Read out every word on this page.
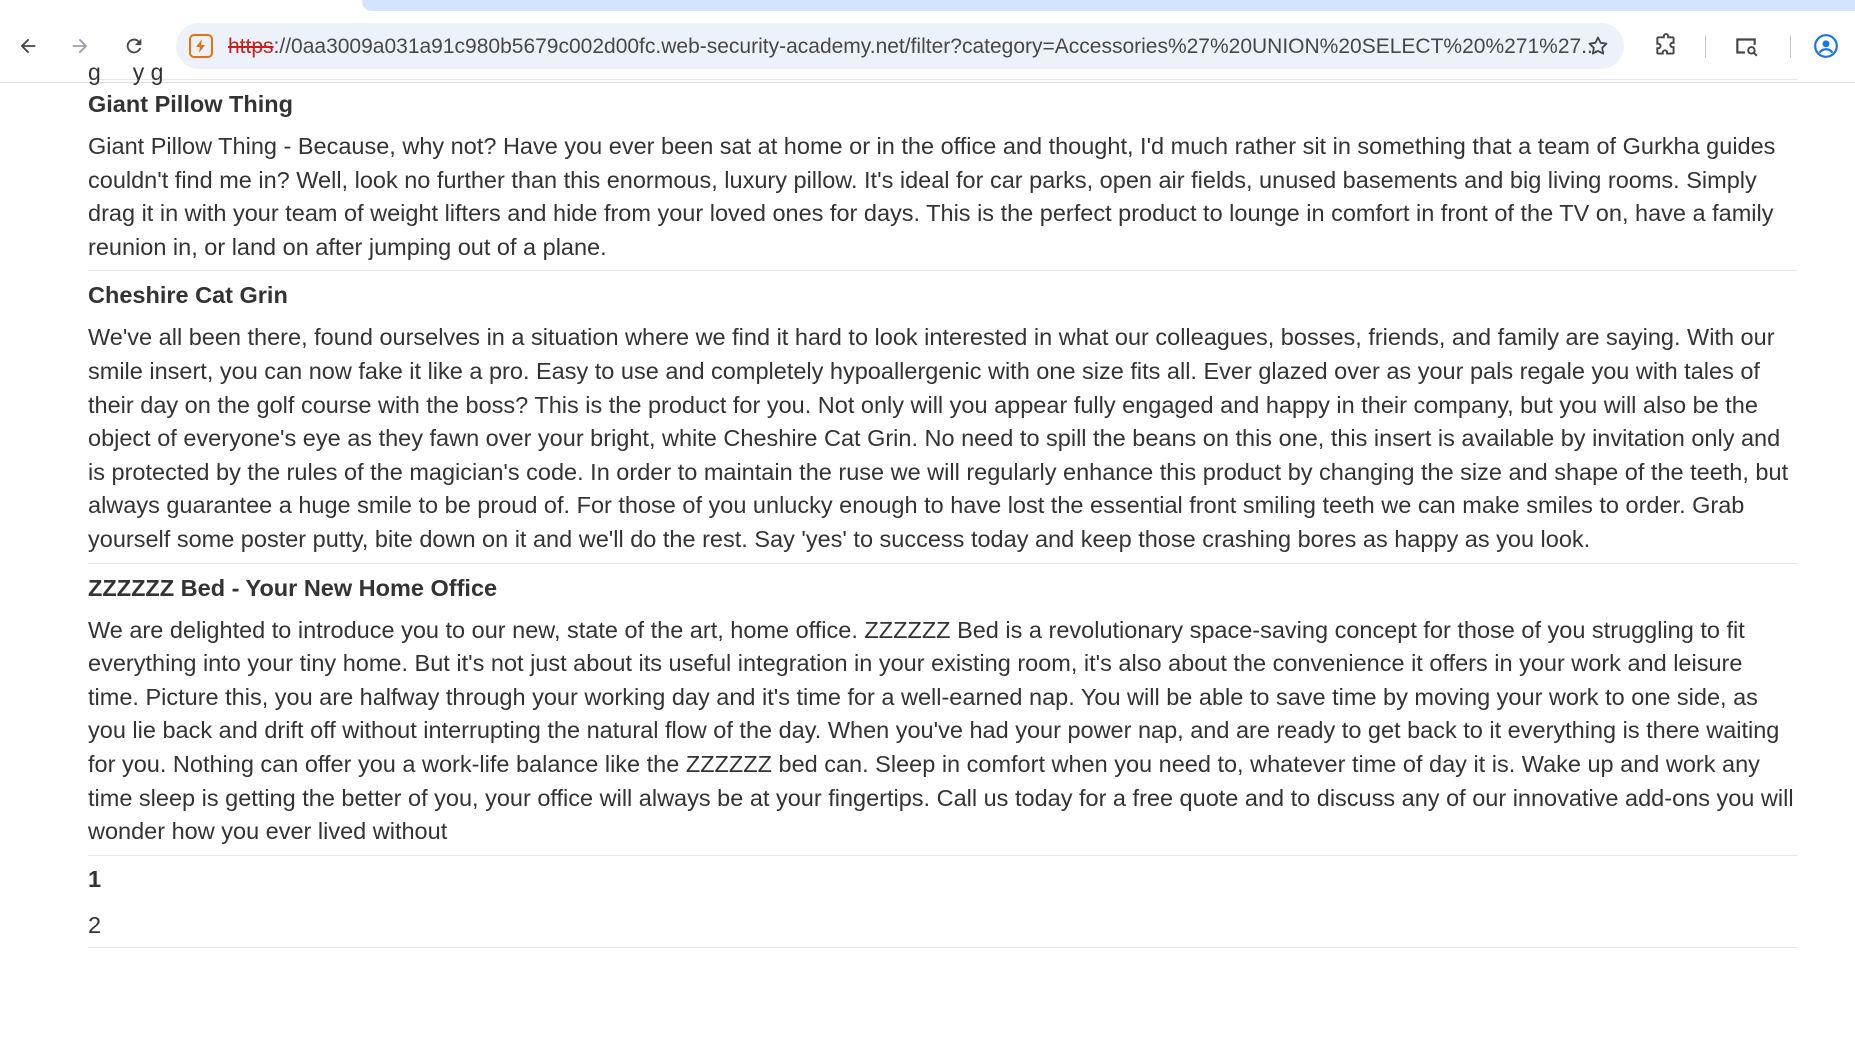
https://0aa3009a031a91c980b5679c002d00fc.web-security-academy.net/filter?category=Accessories%27%20UNION%20SELECT%20%271%27...
g     y g
Giant Pillow Thing

Giant Pillow Thing - Because, why not? Have you ever been sat at home or in the office and thought, I'd much rather sit in something that a team of Gurkha guides couldn't find me in? Well, look no further than this enormous, luxury pillow. It's ideal for car parks, open air fields, unused basements and big living rooms. Simply drag it in with your team of weight lifters and hide from your loved ones for days. This is the perfect product to lounge in comfort in front of the TV on, have a family reunion in, or land on after jumping out of a plane.

Cheshire Cat Grin

We've all been there, found ourselves in a situation where we find it hard to look interested in what our colleagues, bosses, friends, and family are saying. With our smile insert, you can now fake it like a pro. Easy to use and completely hypoallergenic with one size fits all. Ever glazed over as your pals regale you with tales of their day on the golf course with the boss? This is the product for you. Not only will you appear fully engaged and happy in their company, but you will also be the object of everyone's eye as they fawn over your bright, white Cheshire Cat Grin. No need to spill the beans on this one, this insert is available by invitation only and is protected by the rules of the magician's code. In order to maintain the ruse we will regularly enhance this product by changing the size and shape of the teeth, but always guarantee a huge smile to be proud of. For those of you unlucky enough to have lost the essential front smiling teeth we can make smiles to order. Grab yourself some poster putty, bite down on it and we'll do the rest. Say 'yes' to success today and keep those crashing bores as happy as you look.

ZZZZZZ Bed - Your New Home Office

We are delighted to introduce you to our new, state of the art, home office. ZZZZZZ Bed is a revolutionary space-saving concept for those of you struggling to fit everything into your tiny home. But it's not just about its useful integration in your existing room, it's also about the convenience it offers in your work and leisure time. Picture this, you are halfway through your working day and it's time for a well-earned nap. You will be able to save time by moving your work to one side, as you lie back and drift off without interrupting the natural flow of the day. When you've had your power nap, and are ready to get back to it everything is there waiting for you. Nothing can offer you a work-life balance like the ZZZZZZ bed can. Sleep in comfort when you need to, whatever time of day it is. Wake up and work any time sleep is getting the better of you, your office will always be at your fingertips. Call us today for a free quote and to discuss any of our innovative add-ons you will wonder how you ever lived without

1
2
